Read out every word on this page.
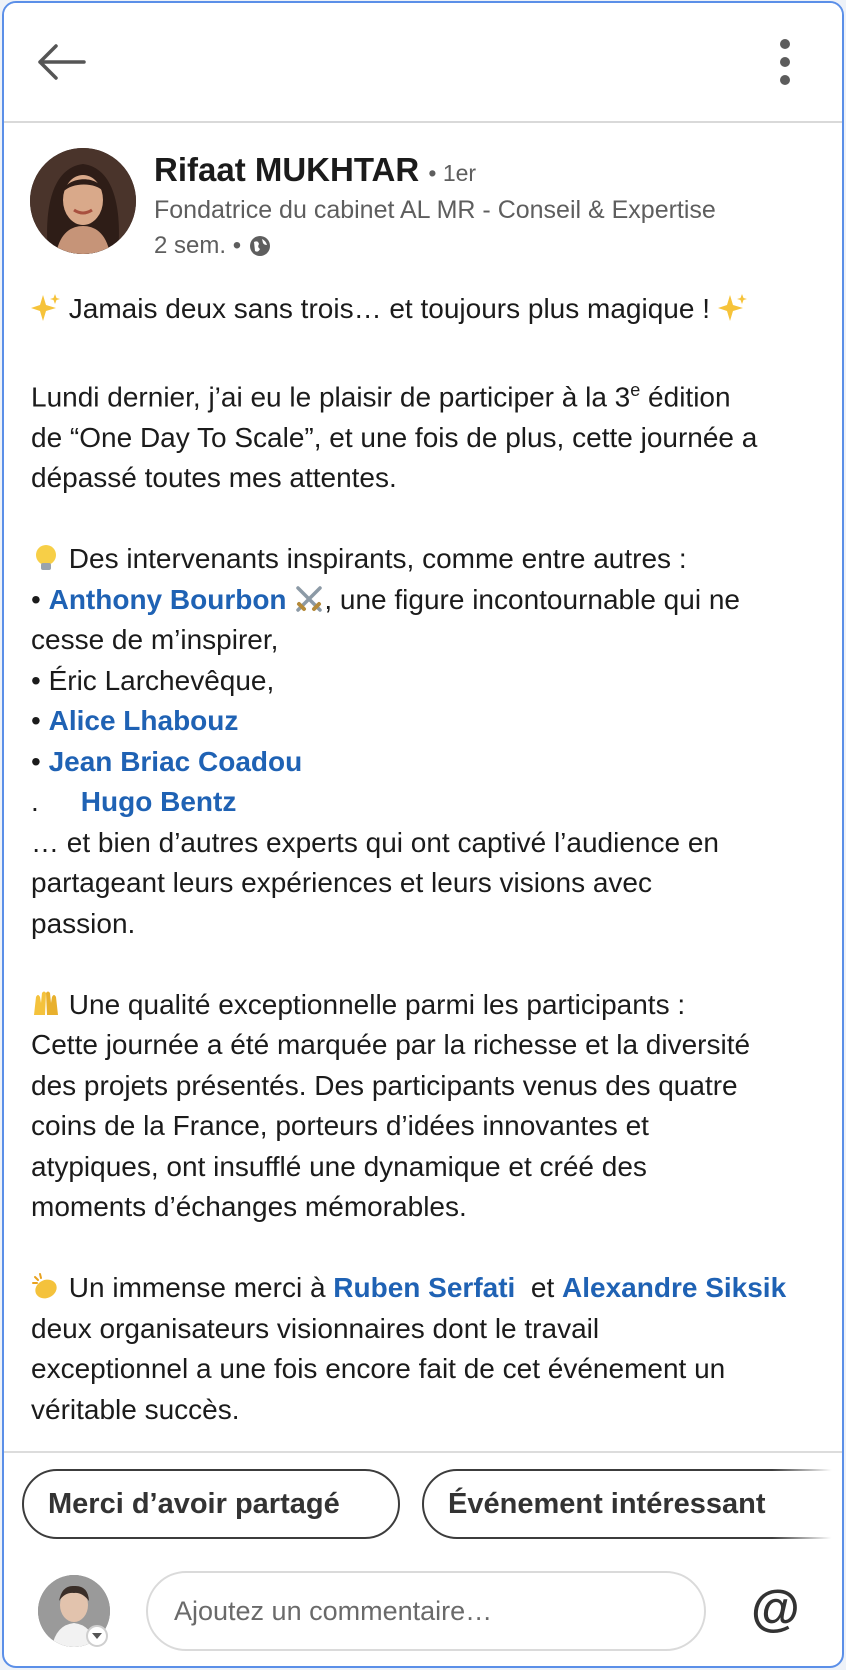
Rifaat MUKHTAR • 1er
Fondatrice du cabinet AL MR - Conseil & Expertise
2 sem. •

Jamais deux sans trois… et toujours plus magique !

Lundi dernier, j’ai eu le plaisir de participer à la 3e édition

de “One Day To Scale”, et une fois de plus, cette journée a

dépassé toutes mes attentes.

Des intervenants inspirants, comme entre autres :

• Anthony Bourbon , une figure incontournable qui ne

cesse de m’inspirer,

• Éric Larchevêque,

• Alice Lhabouz

• Jean Briac Coadou

. Hugo Bentz

… et bien d’autres experts qui ont captivé l’audience en

partageant leurs expériences et leurs visions avec

passion.

Une qualité exceptionnelle parmi les participants :

Cette journée a été marquée par la richesse et la diversité

des projets présentés. Des participants venus des quatre

coins de la France, porteurs d’idées innovantes et

atypiques, ont insufflé une dynamique et créé des

moments d’échanges mémorables.

Un immense merci à Ruben Serfati  et Alexandre Siksik

deux organisateurs visionnaires dont le travail

exceptionnel a une fois encore fait de cet événement un

véritable succès.

Merci d’avoir partagé	Événement intéressant
Ajoutez un commentaire…	@
